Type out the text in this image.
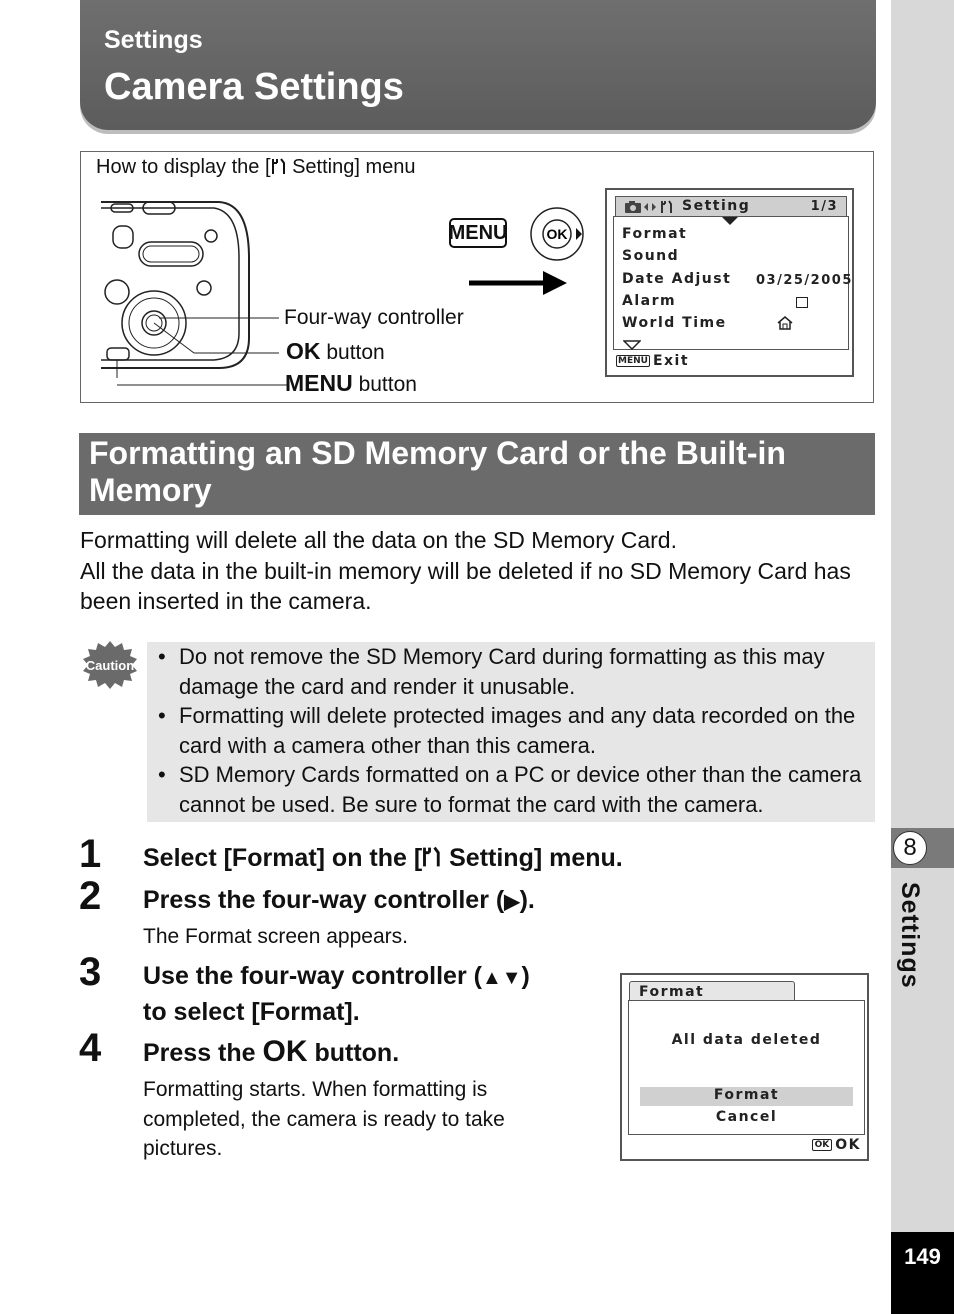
Settings
Camera Settings
8
Settings
149
How to display the [ Setting] menu
Four-way controller
OK button
MENU button
MENU	OK
Setting	1/3
Format
Sound
Date Adjust
Alarm
World Time
03/25/2005
MENU Exit
Formatting an SD Memory Card or the Built-in Memory
Formatting will delete all the data on the SD Memory Card.
All the data in the built-in memory will be deleted if no SD Memory Card has been inserted in the camera.
Caution
•	Do not remove the SD Memory Card during formatting as this may damage the card and render it unusable.
• Formatting will delete protected images and any data recorded on the card with a camera other than this camera.
• SD Memory Cards formatted on a PC or device other than the camera cannot be used. Be sure to format the card with the camera.
1 Select [Format] on the [ Setting] menu.
2 Press the four-way controller (▶).
The Format screen appears.
3 Use the four-way controller (▲▼)
to select [Format].
4 Press the OK button.
Formatting starts. When formatting is completed, the camera is ready to take pictures.
Format
All data deleted
Format
Cancel
OK OK
